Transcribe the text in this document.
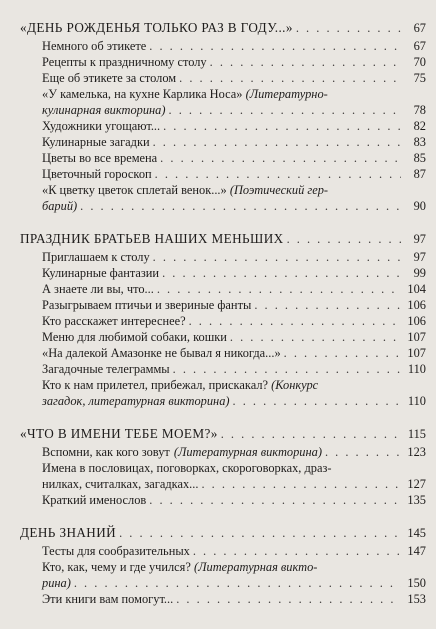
«ДЕНЬ РОЖДЕНЬЯ ТОЛЬКО РАЗ В ГОДУ...» . . .	67
Немного об этикете . . .	67
Рецепты к праздничному столу . . .	70
Еще об этикете за столом . . .	75
«У камелька, на кухне Карлика Носа» (Литературно-
кулинарная викторина) . . .	78
Художники угощают... . . .	82
Кулинарные загадки . . .	83
Цветы во все времена . . .	85
Цветочный гороскоп . . .	87
«К цветку цветок сплетай венок...» (Поэтический гер-
барий) . . .	90
ПРАЗДНИК БРАТЬЕВ НАШИХ МЕНЬШИХ . . .	97
Приглашаем к столу . . .	97
Кулинарные фантазии . . .	99
А знаете ли вы, что... . . .	104
Разыгрываем птичьи и звериные фанты . . .	106
Кто расскажет интереснее? . . .	106
Меню для любимой собаки, кошки . . .	107
«На далекой Амазонке не бывал я никогда...» . . .	107
Загадочные телеграммы . . .	110
Кто к нам прилетел, прибежал, прискакал? (Конкурс
загадок, литературная викторина) . . .	110
«ЧТО В ИМЕНИ ТЕБЕ МОЕМ?» . . .	115
Вспомни, как кого зовут (Литературная викторина) . . .	123
Имена в пословицах, поговорках, скороговорках, драз-
нилках, считалках, загадках... . . .	127
Краткий именослов . . .	135
ДЕНЬ ЗНАНИЙ . . .	145
Тесты для сообразительных . . .	147
Кто, как, чему и где учился? (Литературная викто-
рина) . . .	150
Эти книги вам помогут... . . .	153
